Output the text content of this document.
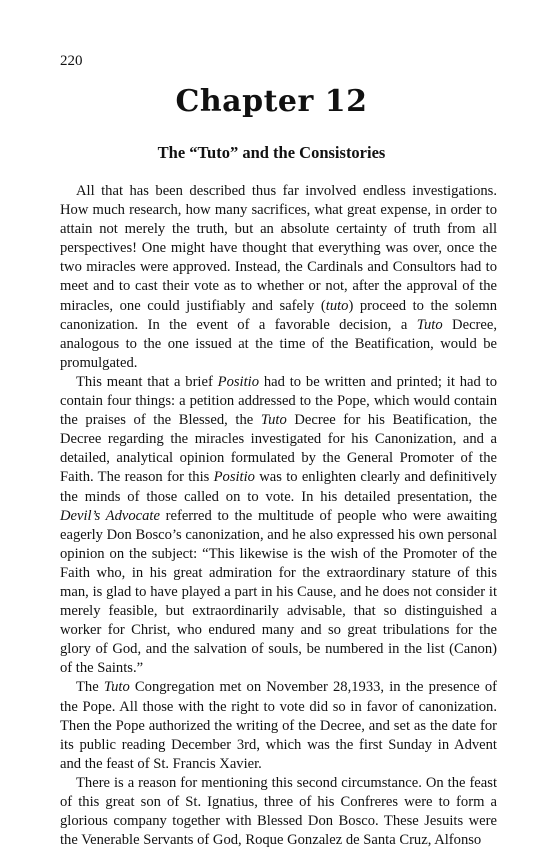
220
Chapter 12
The “Tuto” and the Consistories

All that has been described thus far involved endless investigations. How much research, how many sacrifices, what great expense, in order to attain not merely the truth, but an absolute certainty of truth from all perspectives! One might have thought that everything was over, once the two miracles were approved. Instead, the Cardinals and Consultors had to meet and to cast their vote as to whether or not, after the approval of the miracles, one could justifiably and safely (tuto) proceed to the solemn canonization. In the event of a favorable decision, a Tuto Decree, analogous to the one issued at the time of the Beatification, would be promulgated.

This meant that a brief Positio had to be written and printed; it had to contain four things: a petition addressed to the Pope, which would contain the praises of the Blessed, the Tuto Decree for his Beatification, the Decree regarding the miracles investigated for his Canonization, and a detailed, analytical opinion formulated by the General Promoter of the Faith. The reason for this Positio was to enlighten clearly and definitively the minds of those called on to vote. In his detailed presentation, the Devil’s Advocate referred to the multitude of people who were awaiting eagerly Don Bosco’s canonization, and he also expressed his own personal opinion on the subject: “This likewise is the wish of the Promoter of the Faith who, in his great admiration for the extraordinary stature of this man, is glad to have played a part in his Cause, and he does not consider it merely feasible, but extraordinarily advisable, that so distinguished a worker for Christ, who endured many and so great tribulations for the glory of God, and the salvation of souls, be numbered in the list (Canon) of the Saints.”

The Tuto Congregation met on November 28,1933, in the presence of the Pope. All those with the right to vote did so in favor of canonization. Then the Pope authorized the writing of the Decree, and set as the date for its public reading December 3rd, which was the first Sunday in Advent and the feast of St. Francis Xavier.

There is a reason for mentioning this second circumstance. On the feast of this great son of St. Ignatius, three of his Confreres were to form a glorious company together with Blessed Don Bosco. These Jesuits were the Venerable Servants of God, Roque Gonzalez de Santa Cruz, Alfonso
